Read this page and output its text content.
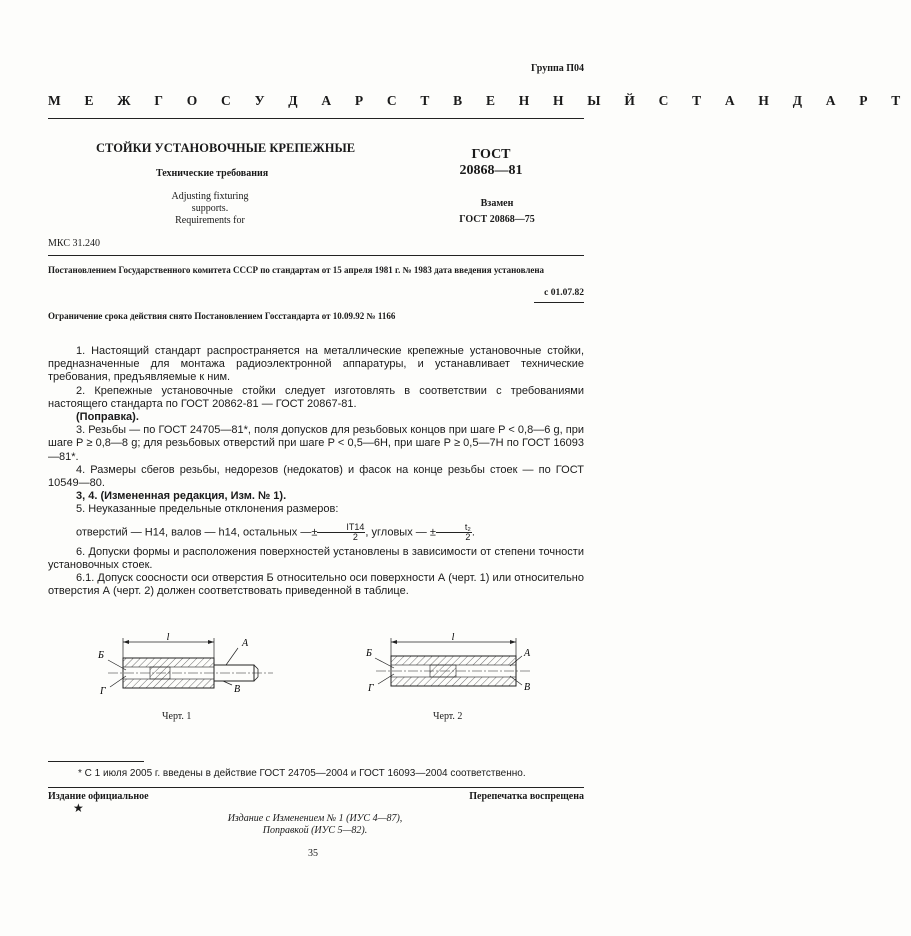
Группа П04
М Е Ж Г О С У Д А Р С Т В Е Н Н Ы Й С Т А Н Д А Р Т
СТОЙКИ УСТАНОВОЧНЫЕ КРЕПЕЖНЫЕ
Технические требования
Adjusting fixturing supports.
Requirements for
ГОСТ
20868—81
Взамен
ГОСТ 20868—75
МКС 31.240
Постановлением Государственного комитета СССР по стандартам от 15 апреля 1981 г. № 1983 дата введения установлена
с 01.07.82
Ограничение срока действия снято Постановлением Госстандарта от 10.09.92 № 1166

1. Настоящий стандарт распространяется на металлические крепежные установочные стойки, предназначенные для монтажа радиоэлектронной аппаратуры, и устанавливает технические требования, предъявляемые к ним.

2. Крепежные установочные стойки следует изготовлять в соответствии с требованиями настоящего стандарта по ГОСТ 20862-81 — ГОСТ 20867-81.

(Поправка).

3. Резьбы — по ГОСТ 24705—81*, поля допусков для резьбовых концов при шаге P < 0,8—6 g, при шаге P ≥ 0,8—8 g; для резьбовых отверстий при шаге P < 0,5—6H, при шаге P ≥ 0,5—7H по ГОСТ 16093—81*.

4. Размеры сбегов резьбы, недорезов (недокатов) и фасок на конце резьбы стоек — по ГОСТ 10549—80.

3, 4. (Измененная редакция, Изм. № 1).

5. Неуказанные предельные отклонения размеров:

отверстий — H14, валов — h14, остальных —± $\frac{IT14}{2}$ , угловых — ± $\frac{\text{t₂}}{2}$ .

6. Допуски формы и расположения поверхностей установлены в зависимости от степени точности установочных стоек.

6.1. Допуск соосности оси отверстия Б относительно оси поверхности А (черт. 1) или относительно отверстия А (черт. 2) должен соответствовать приведенной в таблице.

l
Б
Г
А
В
l
Б
Г
А
В
Черт. 1	Черт. 2
* С 1 июля 2005 г. введены в действие ГОСТ 24705—2004 и ГОСТ 16093—2004 соответственно.
Издание официальное	Перепечатка воспрещена
★
Издание с Изменением № 1 (ИУС 4—87),
Поправкой (ИУС 5—82).
35
